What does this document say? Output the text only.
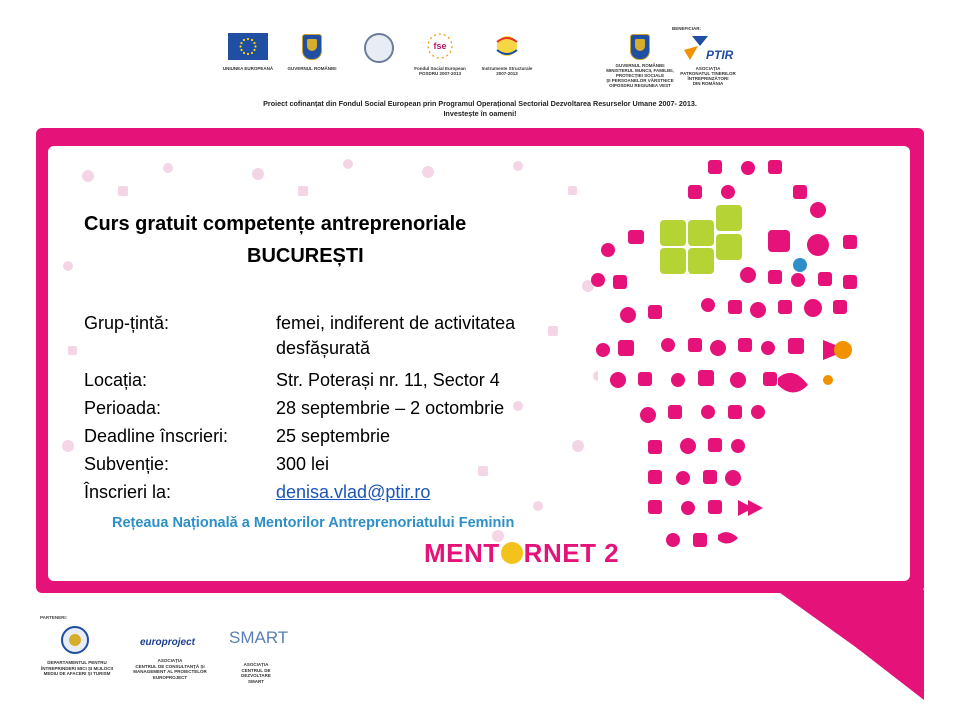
UNIUNEA EUROPEANĂ	GUVERNUL ROMÂNIEI
fse
Fondul Social European
POSDRU 2007-2013
Instrumente Structurale
2007-2013
GUVERNUL ROMÂNIEI
MINISTERUL MUNCII, FAMILIEI,
PROTECȚIEI SOCIALE
ȘI PERSOANELOR VÂRSTNICE
OIPOSDRU REGIUNEA VEST
BENEFICIAR:
PTIR
ASOCIAȚIA
PATRONATUL TINERILOR
ÎNTREPRINZĂTORI
DIN ROMÂNIA
Proiect cofinanțat din Fondul Social European prin Programul Operațional Sectorial Dezvoltarea Resurselor Umane 2007- 2013.
Investește în oameni!
Curs gratuit competențe antreprenoriale
BUCUREȘTI
Grup-țintă:	femei, indiferent de activitatea
desfășurată
Locația:	Str. Poterași nr. 11, Sector 4
Perioada:	28 septembrie – 2 octombrie
Deadline înscrieri:	25 septembrie
Subvenție:	300 lei
Înscrieri la:	denisa.vlad@ptir.ro
Rețeaua Națională a Mentorilor Antreprenoriatului Feminin
MENT RNET 2
PARTENERI:
DEPARTAMENTUL PENTRU
ÎNTREPRINDERI MICI ȘI MIJLOCII
MEDIU DE AFACERI ȘI TURISM
europroject
ASOCIAȚIA
CENTRUL DE CONSULTANȚĂ ȘI
MANAGEMENT AL PROIECTELOR
EUROPROJECT
SMART
ASOCIAȚIA
CENTRUL DE DEZVOLTARE
SMART
